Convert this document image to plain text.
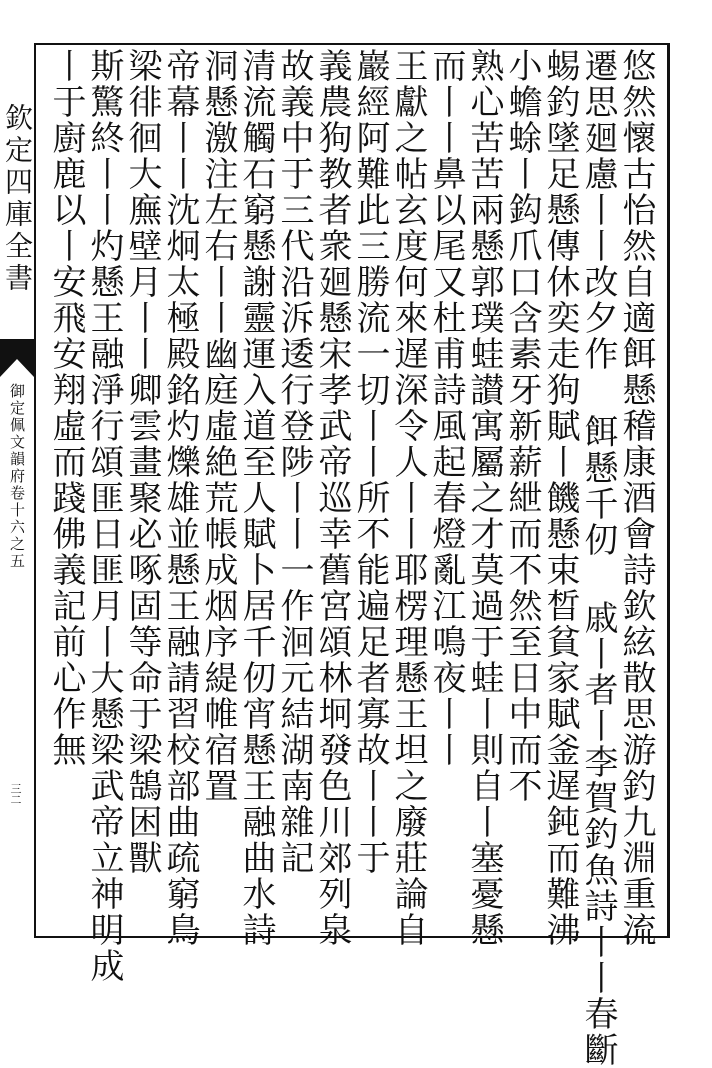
欽定四庫全書
御定佩文韻府卷十六之五
三二	悠然懷古怡然自適餌懸稽康酒會詩欽絃散思游釣九淵重流
遷思廻慮丨丨改夕作 餌懸千仞 戚丨者丨李賀釣魚詩丨丨春斷
蜴釣墜足懸傳休奕走狗賦丨饑懸束晳貧家賦釜遅鈍而難沸
小蟾蜍丨鈎爪口含素牙新薪紲而不然至日中而不
熟心苦苦兩懸郭璞蛙讃寓屬之才莫過于蛙丨則自丨塞憂懸
而丨丨鼻以尾又杜甫詩風起春燈亂江鳴夜丨丨
王獻之帖玄度何來遅深令人丨丨耶楞理懸王坦之廢莊論自
巖經阿難此三勝流一切丨丨所不能遍足者寡故丨丨于
義農狗教者衆廻懸宋孝武帝巡幸舊宮頌林坰發色川郊列泉
故義中于三代沿泝逶行登陟丨丨一作洄元結湖南雜記
清流觸石窮懸謝靈運入道至人賦卜居千仞宵懸王融曲水詩
洞懸激注左右丨丨幽庭虛絶荒帳成烟序緹帷宿置
帝幕丨丨沈炯太極殿銘灼爍雄並懸王融請習校部曲疏窮鳥
梁徘徊大廡壁月丨丨卿雲畫聚必啄固等命于梁鵠困獸
斯驚終丨丨灼懸王融淨行頌匪日匪月丨大懸梁武帝立神明成
丨于廚鹿以丨安飛安翔虛而踐佛義記前心作無
